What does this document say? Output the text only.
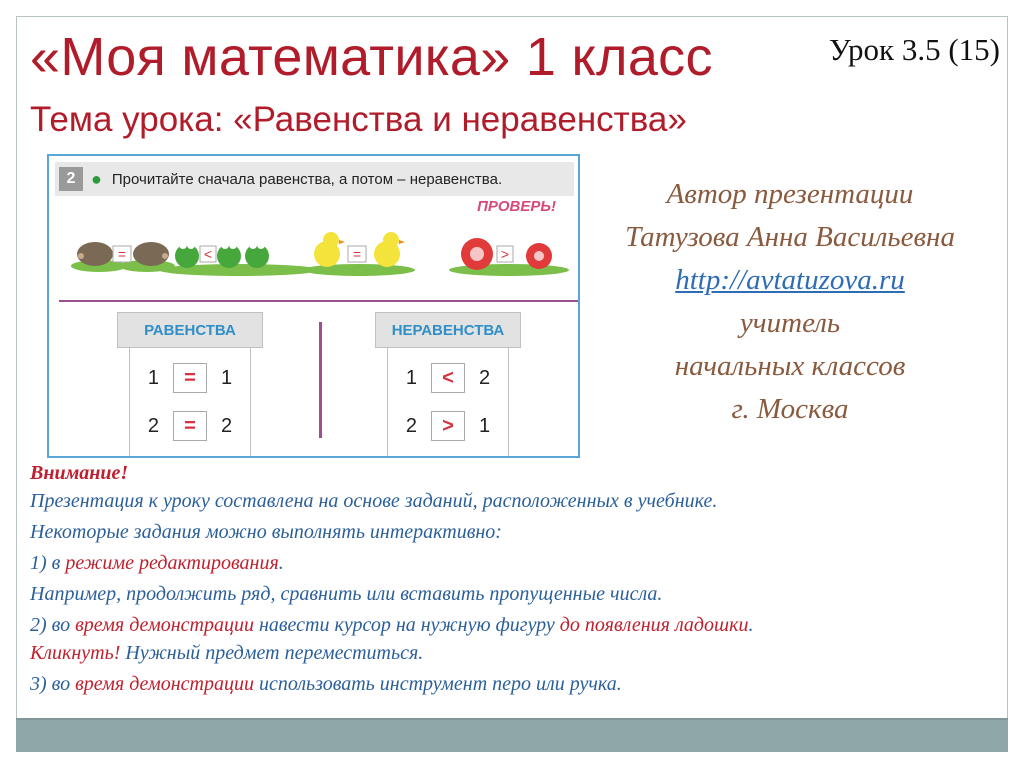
«Моя математика» 1 класс	Урок 3.5 (15)
Тема урока: «Равенства и неравенства»
2 ● Прочитайте сначала равенства, а потом – неравенства.
ПРОВЕРЬ!
=	<	=	>
РАВЕНСТВА
1	=	1
2	=	2
НЕРАВЕНСТВА
1	<	2
2	>	1
Автор презентации
Татузова Анна Васильевна
http://avtatuzova.ru
учитель
начальных классов
г. Москва
Внимание!
Презентация к уроку составлена на основе заданий, расположенных в учебнике.
Некоторые задания можно выполнять интерактивно:
1) в режиме редактирования.
Например, продолжить ряд, сравнить или вставить пропущенные числа.
2) во время демонстрации навести курсор на нужную фигуру до появления ладошки.
Кликнуть! Нужный предмет переместиться.
3) во время демонстрации использовать инструмент перо или ручка.
